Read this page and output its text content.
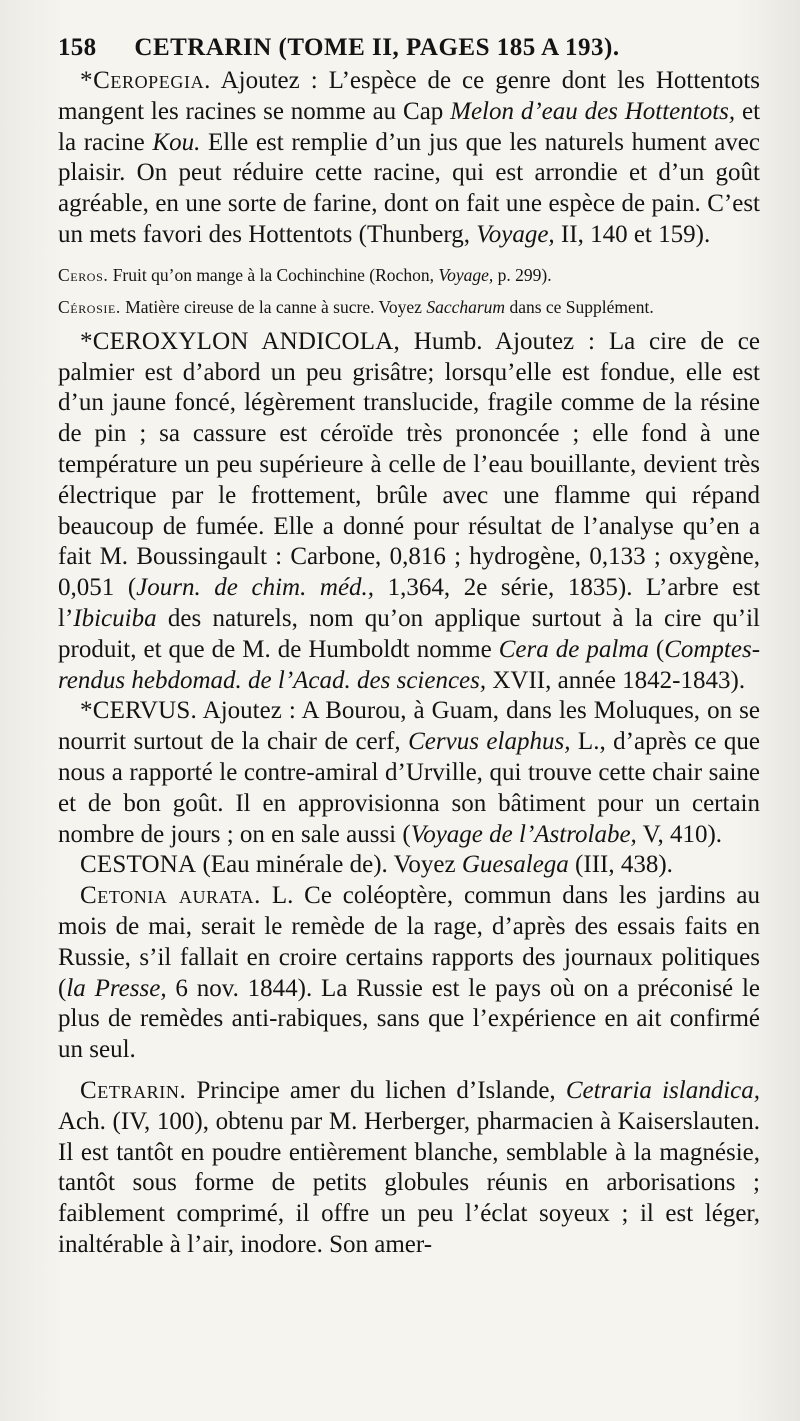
158 CETRARIN (TOME II, PAGES 185 A 193).

*Ceropegia. Ajoutez : L’espèce de ce genre dont les Hottentots mangent les racines se nomme au Cap Melon d’eau des Hottentots, et la racine Kou. Elle est remplie d’un jus que les naturels hument avec plaisir. On peut réduire cette racine, qui est arrondie et d’un goût agréable, en une sorte de farine, dont on fait une espèce de pain. C’est un mets favori des Hottentots (Thunberg, Voyage, II, 140 et 159).

Ceros. Fruit qu’on mange à la Cochinchine (Rochon, Voyage, p. 299).

Cérosie. Matière cireuse de la canne à sucre. Voyez Saccharum dans ce Supplément.

*CEROXYLON ANDICOLA, Humb. Ajoutez : La cire de ce palmier est d’abord un peu grisâtre; lorsqu’elle est fondue, elle est d’un jaune foncé, légèrement translucide, fragile comme de la résine de pin ; sa cassure est céroïde très prononcée ; elle fond à une température un peu supérieure à celle de l’eau bouillante, devient très électrique par le frottement, brûle avec une flamme qui répand beaucoup de fumée. Elle a donné pour résultat de l’analyse qu’en a fait M. Boussingault : Carbone, 0,816 ; hydrogène, 0,133 ; oxygène, 0,051 (Journ. de chim. méd., 1,364, 2e série, 1835). L’arbre est l’Ibicuiba des naturels, nom qu’on applique surtout à la cire qu’il produit, et que de M. de Humboldt nomme Cera de palma (Comptes-rendus hebdomad. de l’Acad. des sciences, XVII, année 1842-1843).

*CERVUS. Ajoutez : A Bourou, à Guam, dans les Moluques, on se nourrit surtout de la chair de cerf, Cervus elaphus, L., d’après ce que nous a rapporté le contre-amiral d’Urville, qui trouve cette chair saine et de bon goût. Il en approvisionna son bâtiment pour un certain nombre de jours ; on en sale aussi (Voyage de l’Astrolabe, V, 410).

CESTONA (Eau minérale de). Voyez Guesalega (III, 438).

Cetonia aurata. L. Ce coléoptère, commun dans les jardins au mois de mai, serait le remède de la rage, d’après des essais faits en Russie, s’il fallait en croire certains rapports des journaux politiques (la Presse, 6 nov. 1844). La Russie est le pays où on a préconisé le plus de remèdes anti-rabiques, sans que l’expérience en ait confirmé un seul.

Cetrarin. Principe amer du lichen d’Islande, Cetraria islandica, Ach. (IV, 100), obtenu par M. Herberger, pharmacien à Kaiserslauten. Il est tantôt en poudre entièrement blanche, semblable à la magnésie, tantôt sous forme de petits globules réunis en arborisations ; faiblement comprimé, il offre un peu l’éclat soyeux ; il est léger, inaltérable à l’air, inodore. Son amer-
